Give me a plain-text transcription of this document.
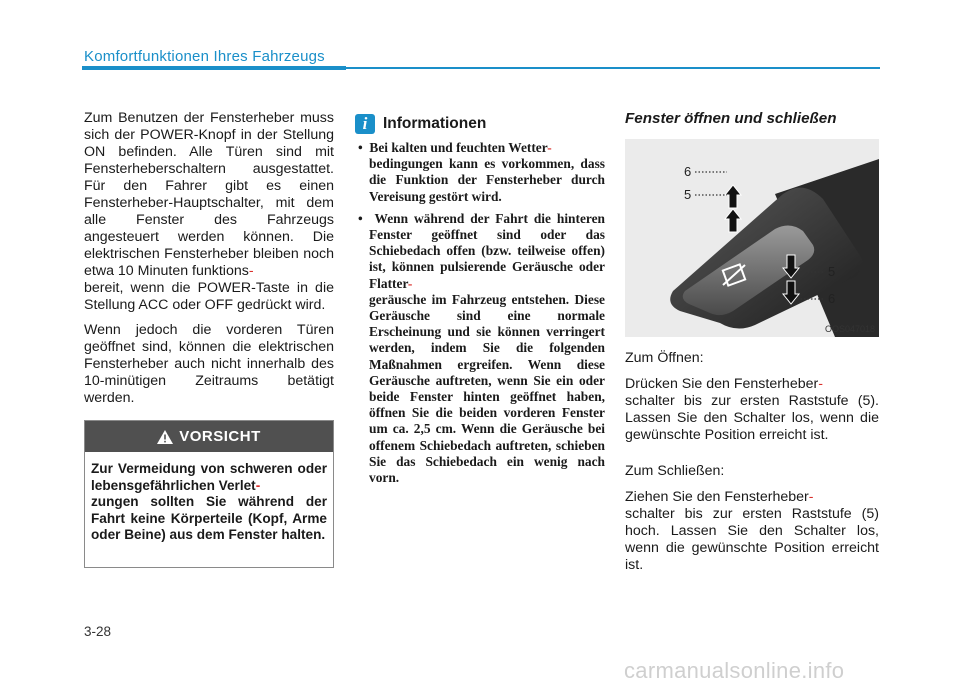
Komfortfunktionen Ihres Fahrzeugs

Zum Benutzen der Fensterheber muss sich der POWER-Knopf in der Stellung ON befinden. Alle Türen sind mit Fensterheberschaltern ausgestattet. Für den Fahrer gibt es einen Fensterheber-Hauptschalter, mit dem alle Fenster des Fahrzeugs angesteuert werden können. Die elektrischen Fensterheber bleiben noch etwa 10 Minuten funktions-
bereit, wenn die POWER-Taste in die Stellung ACC oder OFF gedrückt wird.

Wenn jedoch die vorderen Türen geöffnet sind, können die elektrischen Fensterheber auch nicht innerhalb des 10-minütigen Zeitraums betätigt werden.

VORSICHT
Zur Vermeidung von schweren oder lebensgefährlichen Verlet-
zungen sollten Sie während der Fahrt keine Körperteile (Kopf, Arme oder Beine) aus dem Fenster halten.
i	Informationen
• Bei kalten und feuchten Wetter-
bedingungen kann es vorkommen, dass die Funktion der Fensterheber durch Vereisung gestört wird.
• Wenn während der Fahrt die hinteren Fenster geöffnet sind oder das Schiebedach offen (bzw. teilweise offen) ist, können pulsierende Geräusche oder Flatter-
geräusche im Fahrzeug entstehen. Diese Geräusche sind eine normale Erscheinung und sie können verringert werden, indem Sie die folgenden Maßnahmen ergreifen. Wenn diese Geräusche auftreten, wenn Sie ein oder beide Fenster hinten geöffnet haben, öffnen Sie die beiden vorderen Fenster um ca. 2,5 cm. Wenn die Geräusche bei offenem Schiebedach auftreten, schieben Sie das Schiebedach ein wenig nach vorn.
Fenster öffnen und schließen
6
5
5
6
OOS047018

Zum Öffnen:

Drücken Sie den Fensterheber-
schalter bis zur ersten Raststufe (5). Lassen Sie den Schalter los, wenn die gewünschte Position erreicht ist.

Zum Schließen:

Ziehen Sie den Fensterheber-
schalter bis zur ersten Raststufe (5) hoch. Lassen Sie den Schalter los, wenn die gewünschte Position erreicht ist.

3-28
carmanualsonline.info
